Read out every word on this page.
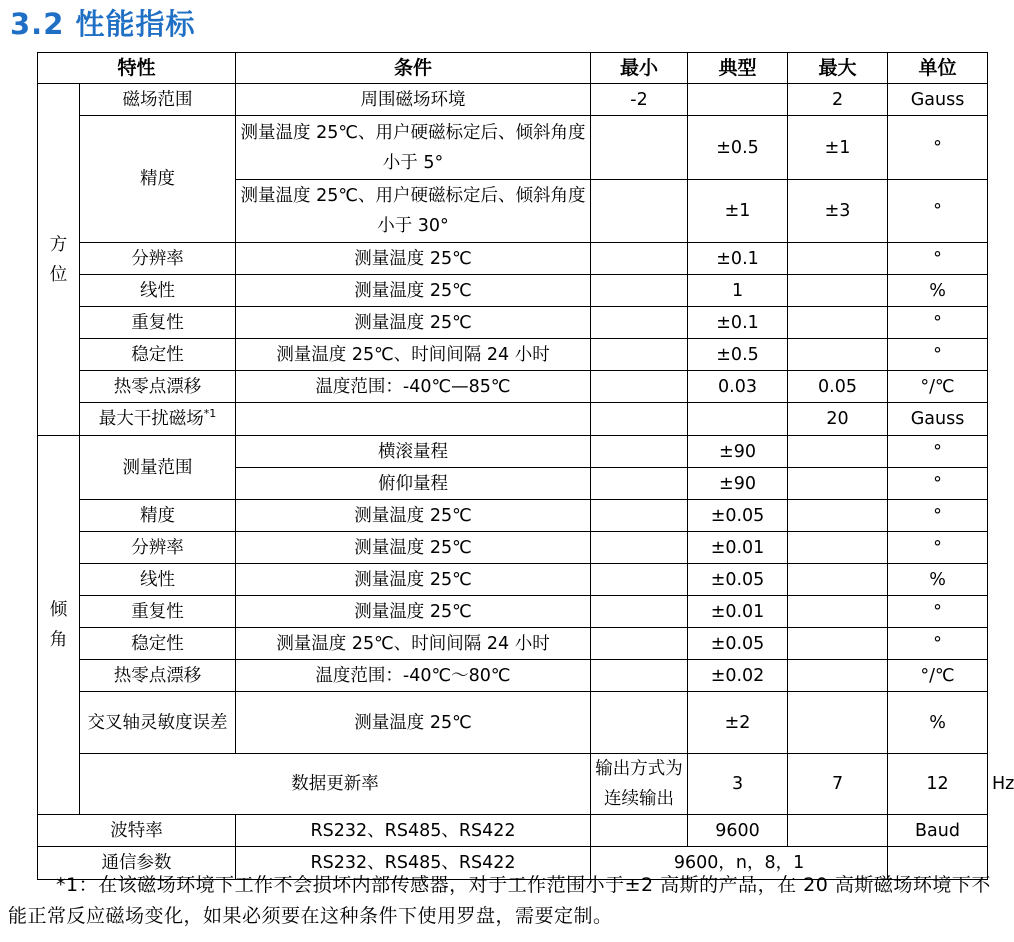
3.2 性能指标
特性		条件	最小	典型	最大	单位	
方
位	磁场范围	周围磁场环境	-2		2	Gauss	
	精度	测量温度 25℃、用户硬磁标定后、倾斜角度小于 5°		±0.5	±1	°	
		测量温度 25℃、用户硬磁标定后、倾斜角度小于 30°		±1	±3	°	
	分辨率	测量温度 25℃		±0.1		°	
	线性	测量温度 25℃		1		%	
	重复性	测量温度 25℃		±0.1		°	
	稳定性	测量温度 25℃、时间间隔 24 小时		±0.5		°	
	热零点漂移	温度范围：-40℃—85℃		0.03	0.05	°/℃	
	最大干扰磁场$^{*1}$				20	Gauss	
倾
角	测量范围	横滚量程		±90		°	
		俯仰量程		±90		°	
	精度	测量温度 25℃		±0.05		°	
	分辨率	测量温度 25℃		±0.01		°	
	线性	测量温度 25℃		±0.05		%	
	重复性	测量温度 25℃		±0.01		°	
	稳定性	测量温度 25℃、时间间隔 24 小时		±0.05		°	
	热零点漂移	温度范围：-40℃～80℃		±0.02		°/℃	
	交叉轴灵敏度误差	测量温度 25℃		±2		%	
	数据更新率		输出方式为连续输出	3	7	12	Hz
波特率		RS232、RS485、RS422		9600		Baud	
通信参数		RS232、RS485、RS422	9600，n，8，1				
*1：在该磁场环境下工作不会损坏内部传感器，对于工作范围小于±2 高斯的产品，在 20 高斯磁场环境下不能正常反应磁场变化，如果必须要在这种条件下使用罗盘，需要定制。
